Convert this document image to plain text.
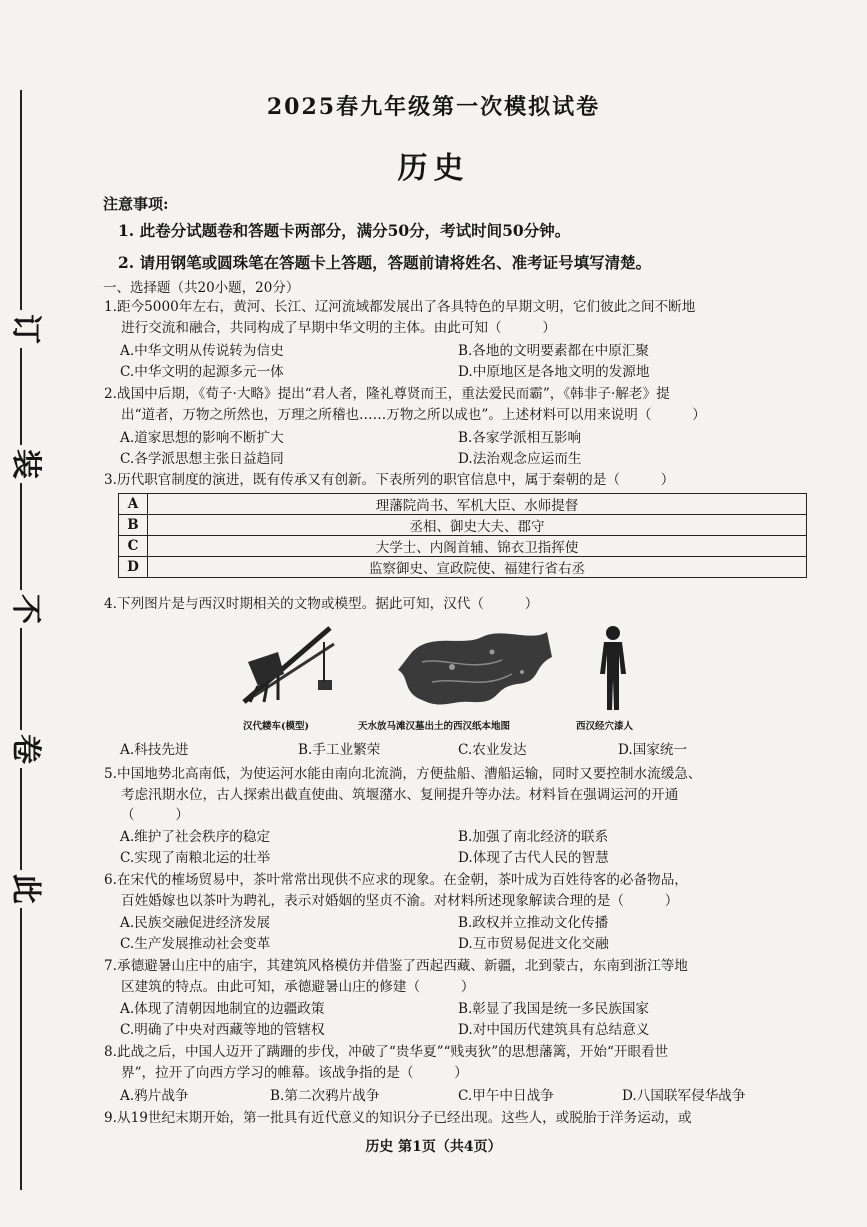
此
卷
不
装
订
2025春九年级第一次模拟试卷
历史
注意事项:
1. 此卷分试题卷和答题卡两部分，满分50分，考试时间50分钟。
2. 请用钢笔或圆珠笔在答题卡上答题，答题前请将姓名、准考证号填写清楚。
一、选择题（共20小题，20分）
1.距今5000年左右，黄河、长江、辽河流域都发展出了各具特色的早期文明，它们彼此之间不断地
进行交流和融合，共同构成了早期中华文明的主体。由此可知（　　　）
A.中华文明从传说转为信史	B.各地的文明要素都在中原汇聚
C.中华文明的起源多元一体	D.中原地区是各地文明的发源地
2.战国中后期，《荀子·大略》提出“君人者，隆礼尊贤而王，重法爱民而霸”，《韩非子·解老》提
出“道者，万物之所然也，万理之所稽也……万物之所以成也”。上述材料可以用来说明（　　　）
A.道家思想的影响不断扩大	B.各家学派相互影响
C.各学派思想主张日益趋同	D.法治观念应运而生
3.历代职官制度的演进，既有传承又有创新。下表所列的职官信息中，属于秦朝的是（　　　）
A	理藩院尚书、军机大臣、水师提督
B	丞相、御史大夫、郡守
C	大学士、内阁首辅、锦衣卫指挥使
D	监察御史、宣政院使、福建行省右丞
4.下列图片是与西汉时期相关的文物或模型。据此可知，汉代（　　　）
汉代耧车(模型)	天水放马滩汉墓出土的西汉纸本地图	西汉经穴漆人
A.科技先进	B.手工业繁荣	C.农业发达	D.国家统一
5.中国地势北高南低，为使运河水能由南向北流淌，方便盐船、漕船运输，同时又要控制水流缓急、
考虑汛期水位，古人探索出截直使曲、筑堰潴水、复闸提升等办法。材料旨在强调运河的开通
（　　　）
A.维护了社会秩序的稳定	B.加强了南北经济的联系
C.实现了南粮北运的壮举	D.体现了古代人民的智慧
6.在宋代的榷场贸易中，茶叶常常出现供不应求的现象。在金朝，茶叶成为百姓待客的必备物品，
百姓婚嫁也以茶叶为聘礼，表示对婚姻的坚贞不渝。对材料所述现象解读合理的是（　　　）
A.民族交融促进经济发展	B.政权并立推动文化传播
C.生产发展推动社会变革	D.互市贸易促进文化交融
7.承德避暑山庄中的庙宇，其建筑风格模仿并借鉴了西起西藏、新疆，北到蒙古，东南到浙江等地
区建筑的特点。由此可知，承德避暑山庄的修建（　　　）
A.体现了清朝因地制宜的边疆政策	B.彰显了我国是统一多民族国家
C.明确了中央对西藏等地的管辖权	D.对中国历代建筑具有总结意义
8.此战之后，中国人迈开了蹒跚的步伐，冲破了“贵华夏”“贱夷狄”的思想藩篱，开始“开眼看世
界”，拉开了向西方学习的帷幕。该战争指的是（　　　）
A.鸦片战争	B.第二次鸦片战争	C.甲午中日战争	D.八国联军侵华战争
9.从19世纪末期开始，第一批具有近代意义的知识分子已经出现。这些人，或脱胎于洋务运动，或
历史 第1页（共4页）
